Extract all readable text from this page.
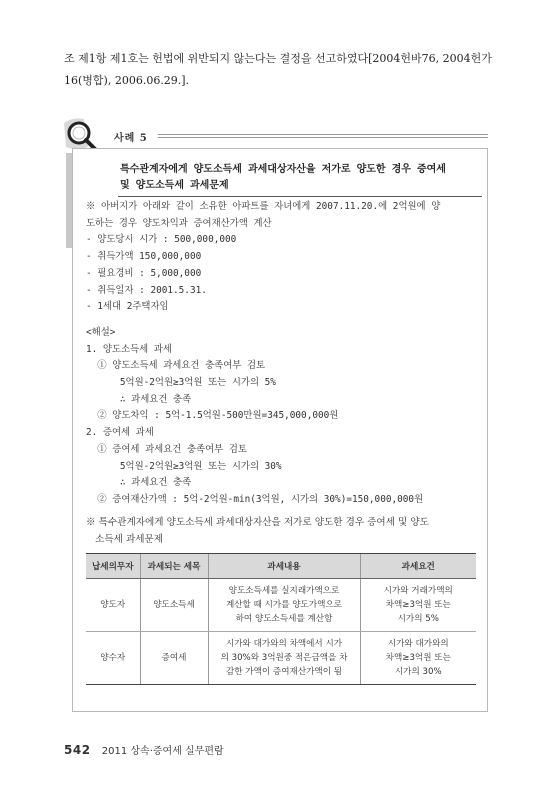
조 제1항 제1호는 헌법에 위반되지 않는다는 결정을 선고하였다[2004헌바76, 2004헌가
16(병합), 2006.06.29.].
사례 5
특수관계자에게 양도소득세 과세대상자산을 저가로 양도한 경우 증여세
및 양도소득세 과세문제
※ 아버지가 아래와 같이 소유한 아파트를 자녀에게 2007.11.20.에 2억원에 양
도하는 경우 양도차익과 증여재산가액 계산
- 양도당시 시가 : 500,000,000
- 취득가액 150,000,000
- 필요경비 : 5,000,000
- 취득일자 : 2001.5.31.
- 1세대 2주택자임
<해설>
1. 양도소득세 과세
① 양도소득세 과세요건 충족여부 검토
5억원-2억원≥3억원 또는 시가의 5%
∴ 과세요건 충족
② 양도차익 : 5억-1.5억원-500만원=345,000,000원
2. 증여세 과세
① 증여세 과세요건 충족여부 검토
5억원-2억원≥3억원 또는 시가의 30%
∴ 과세요건 충족
② 증여재산가액 : 5억-2억원-min(3억원, 시가의 30%)=150,000,000원
※ 특수관계자에게 양도소득세 과세대상자산을 저가로 양도한 경우 증여세 및 양도
소득세 과세문제
납세의무자	과세되는 세목	과세내용	과세요건
양도자	양도소득세	양도소득세를 실지래가액으로
계산할 때 시가를 양도가액으로
하여 양도소득세를 계산함	시가와 거래가액의
차액≥3억원 또는
시가의 5%
양수자	증여세	시가와 대가와의 차액에서 시가
의 30%와 3억원중 적은금액을 차
감한 가액이 증여재산가액이 됨	시가와 대가와의
차액≥3억원 또는
시가의 30%
542 2011 상속·증여세 실무편람
